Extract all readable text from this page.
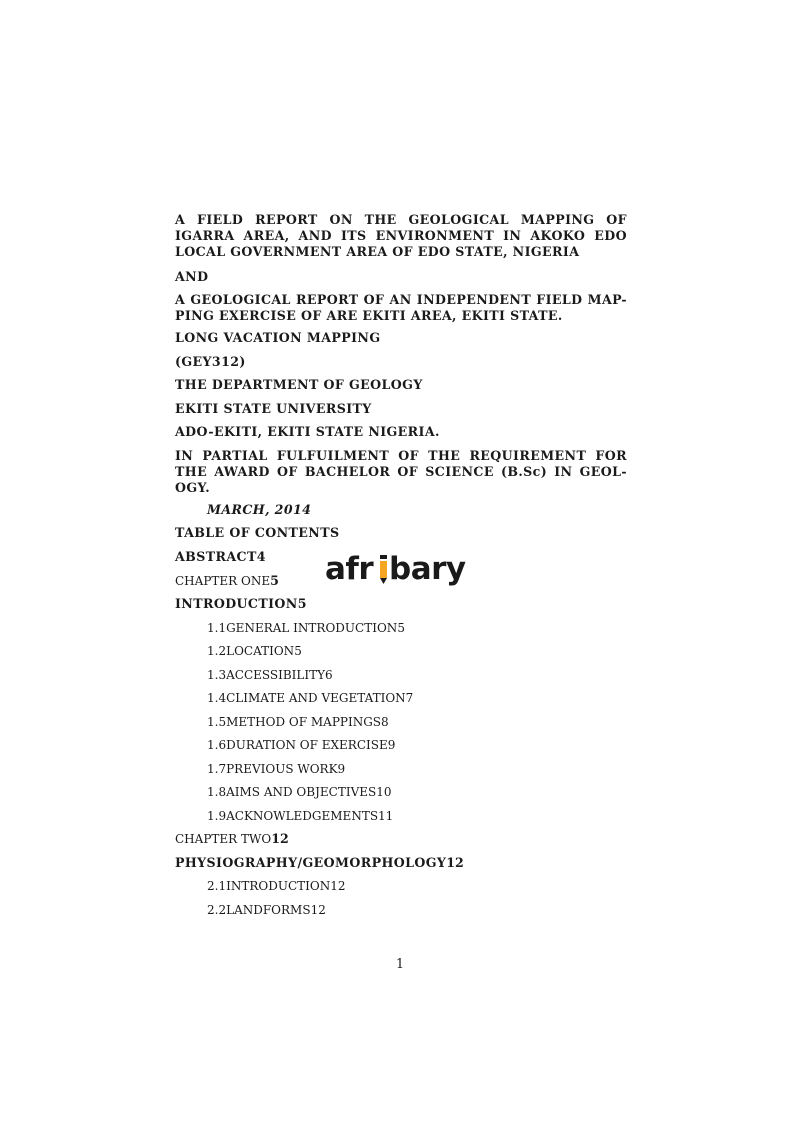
A FIELD REPORT ON THE GEOLOGICAL MAPPING OF
IGARRA AREA, AND ITS ENVIRONMENT IN AKOKO EDO
LOCAL GOVERNMENT AREA OF EDO STATE, NIGERIA
AND
A GEOLOGICAL REPORT OF AN INDEPENDENT FIELD MAP-
PING EXERCISE OF ARE EKITI AREA, EKITI STATE.
LONG VACATION MAPPING
(GEY312)
THE DEPARTMENT OF GEOLOGY
EKITI STATE UNIVERSITY
ADO-EKITI, EKITI STATE NIGERIA.
IN PARTIAL FULFUILMENT OF THE REQUIREMENT FOR
THE AWARD OF BACHELOR OF SCIENCE (B.Sc) IN GEOL-
OGY.
MARCH, 2014
TABLE OF CONTENTS
ABSTRACT4
CHAPTER ONE5
INTRODUCTION5
1.1GENERAL INTRODUCTION5
1.2LOCATION5
1.3ACCESSIBILITY6
1.4CLIMATE AND VEGETATION7
1.5METHOD OF MAPPINGS8
1.6DURATION OF EXERCISE9
1.7PREVIOUS WORK9
1.8AIMS AND OBJECTIVES10
1.9ACKNOWLEDGEMENTS11
CHAPTER TWO12
PHYSIOGRAPHY/GEOMORPHOLOGY12
2.1INTRODUCTION12
2.2LANDFORMS12
afr bary
1
